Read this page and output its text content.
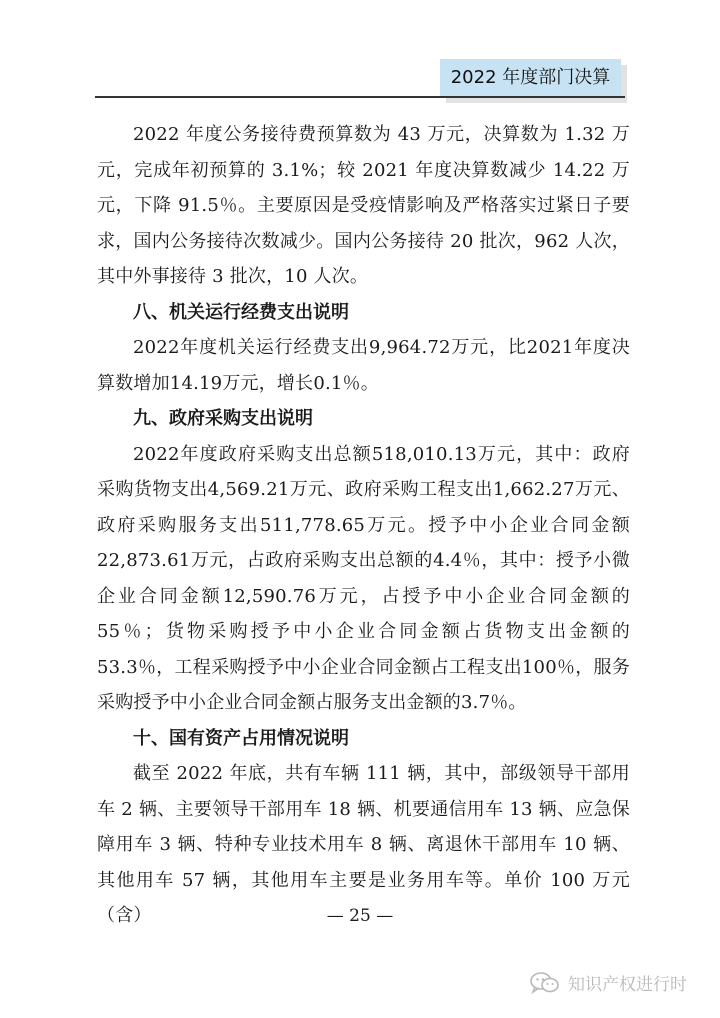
2022 年度部门决算

2022 年度公务接待费预算数为 43 万元，决算数为 1.32 万元，完成年初预算的 3.1%；较 2021 年度决算数减少 14.22 万元，下降 91.5％。主要原因是受疫情影响及严格落实过紧日子要求，国内公务接待次数减少。国内公务接待 20 批次，962 人次，其中外事接待 3 批次，10 人次。

八、机关运行经费支出说明

2022年度机关运行经费支出9,964.72万元，比2021年度决算数增加14.19万元，增长0.1％。

九、政府采购支出说明

2022年度政府采购支出总额518,010.13万元，其中：政府采购货物支出4,569.21万元、政府采购工程支出1,662.27万元、政府采购服务支出511,778.65万元。授予中小企业合同金额22,873.61万元，占政府采购支出总额的4.4％，其中：授予小微企业合同金额12,590.76万元，占授予中小企业合同金额的55％；货物采购授予中小企业合同金额占货物支出金额的53.3％，工程采购授予中小企业合同金额占工程支出100％，服务采购授予中小企业合同金额占服务支出金额的3.7％。

十、国有资产占用情况说明

截至 2022 年底，共有车辆 111 辆，其中，部级领导干部用车 2 辆、主要领导干部用车 18 辆、机要通信用车 13 辆、应急保障用车 3 辆、特种专业技术用车 8 辆、离退休干部用车 10 辆、其他用车 57 辆，其他用车主要是业务用车等。单价 100 万元（含）	— 25 —
知识产权进行时
